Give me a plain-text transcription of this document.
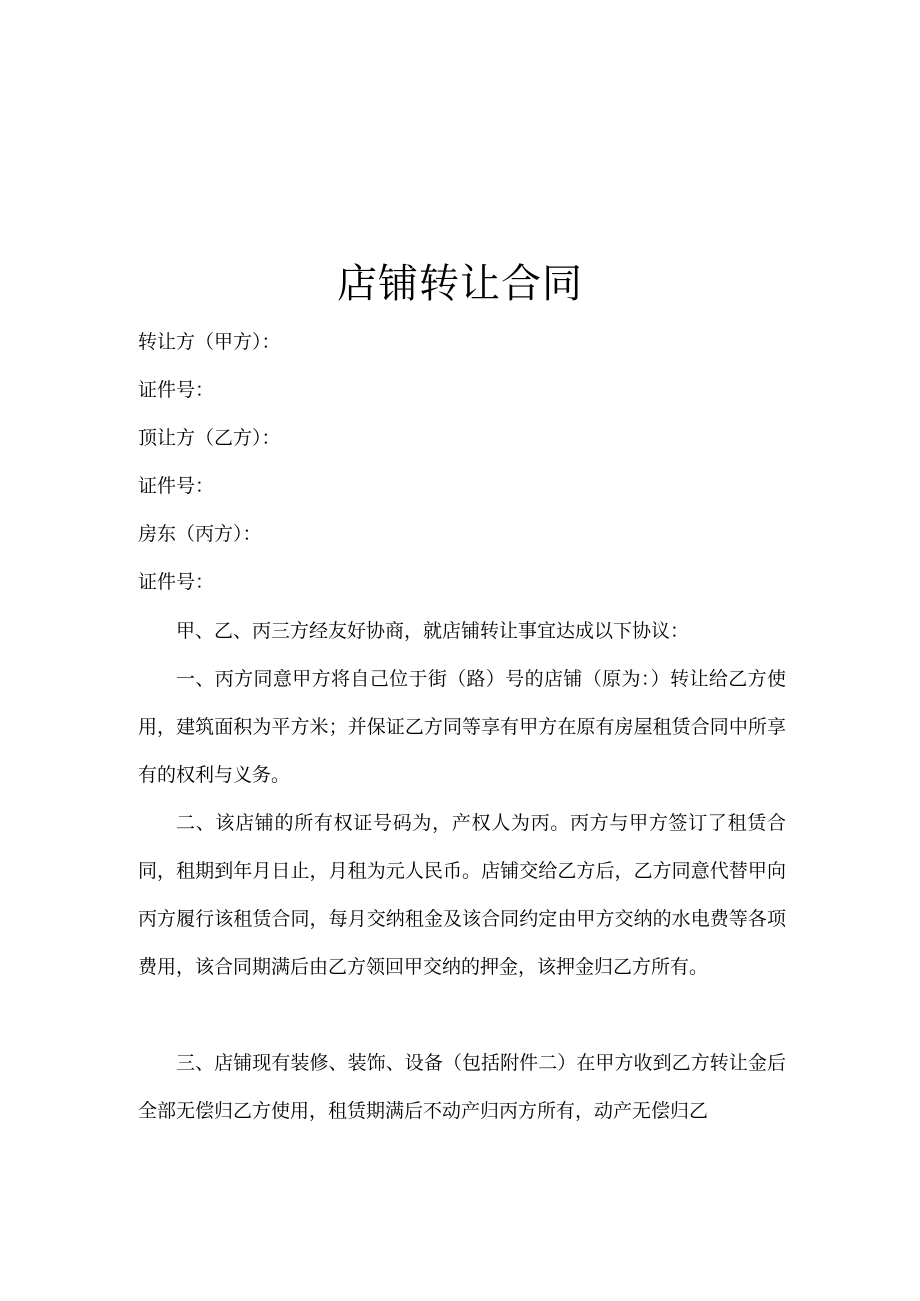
店铺转让合同

转让方（甲方）：

证件号：

顶让方（乙方）：

证件号：

房东（丙方）：

证件号：

甲、乙、丙三方经友好协商，就店铺转让事宜达成以下协议：

一、丙方同意甲方将自己位于街（路）号的店铺（原为：）转让给乙方使用，建筑面积为平方米；并保证乙方同等享有甲方在原有房屋租赁合同中所享有的权利与义务。

二、该店铺的所有权证号码为，产权人为丙。丙方与甲方签订了租赁合同，租期到年月日止，月租为元人民币。店铺交给乙方后，乙方同意代替甲向丙方履行该租赁合同，每月交纳租金及该合同约定由甲方交纳的水电费等各项费用，该合同期满后由乙方领回甲交纳的押金，该押金归乙方所有。

三、店铺现有装修、装饰、设备（包括附件二）在甲方收到乙方转让金后全部无偿归乙方使用，租赁期满后不动产归丙方所有，动产无偿归乙
